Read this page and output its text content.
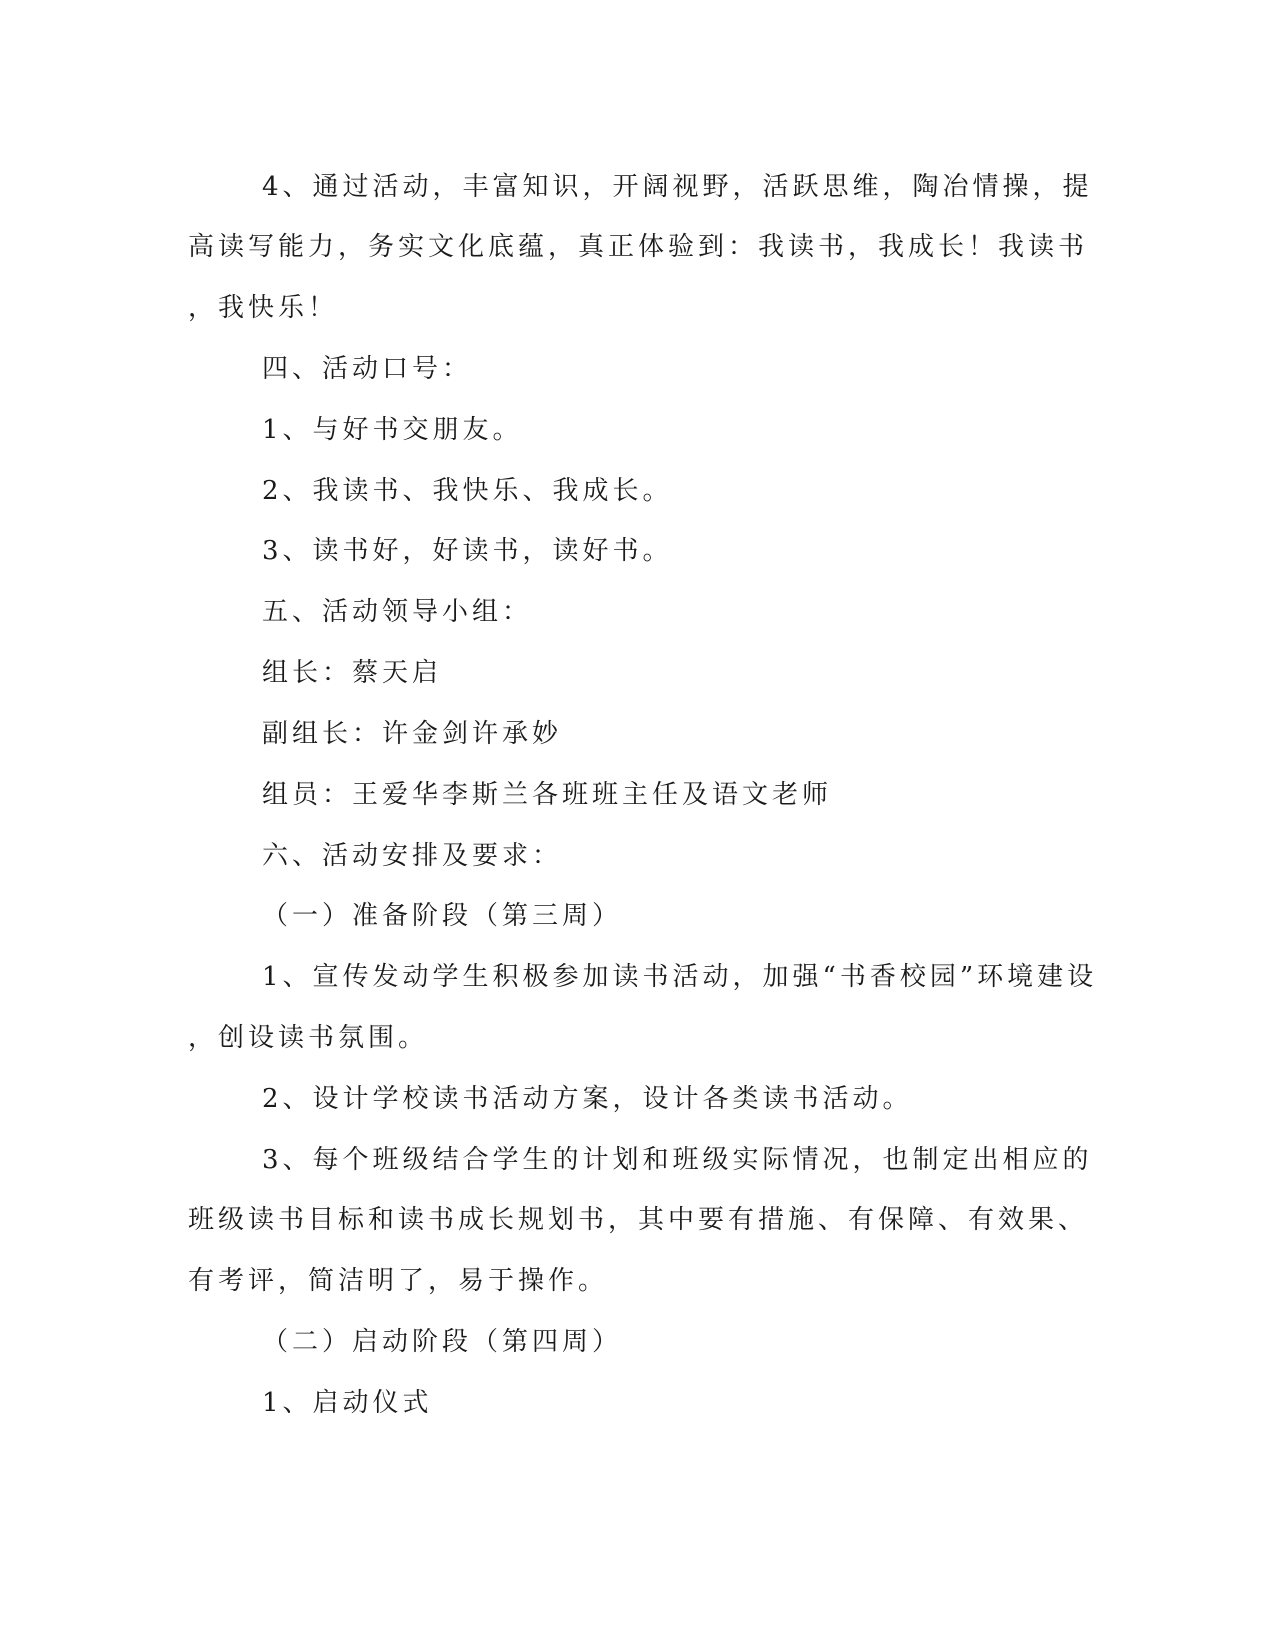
4、通过活动，丰富知识，开阔视野，活跃思维，陶冶情操，提

高读写能力，务实文化底蕴，真正体验到：我读书，我成长！我读书

，我快乐！

四、活动口号：

1、与好书交朋友。

2、我读书、我快乐、我成长。

3、读书好，好读书，读好书。

五、活动领导小组：

组长：蔡天启

副组长：许金剑许承妙

组员：王爱华李斯兰各班班主任及语文老师

六、活动安排及要求：

（一）准备阶段（第三周）

1、宣传发动学生积极参加读书活动，加强“书香校园”环境建设

，创设读书氛围。

2、设计学校读书活动方案，设计各类读书活动。

3、每个班级结合学生的计划和班级实际情况，也制定出相应的

班级读书目标和读书成长规划书，其中要有措施、有保障、有效果、

有考评，简洁明了，易于操作。

（二）启动阶段（第四周）

1、启动仪式
